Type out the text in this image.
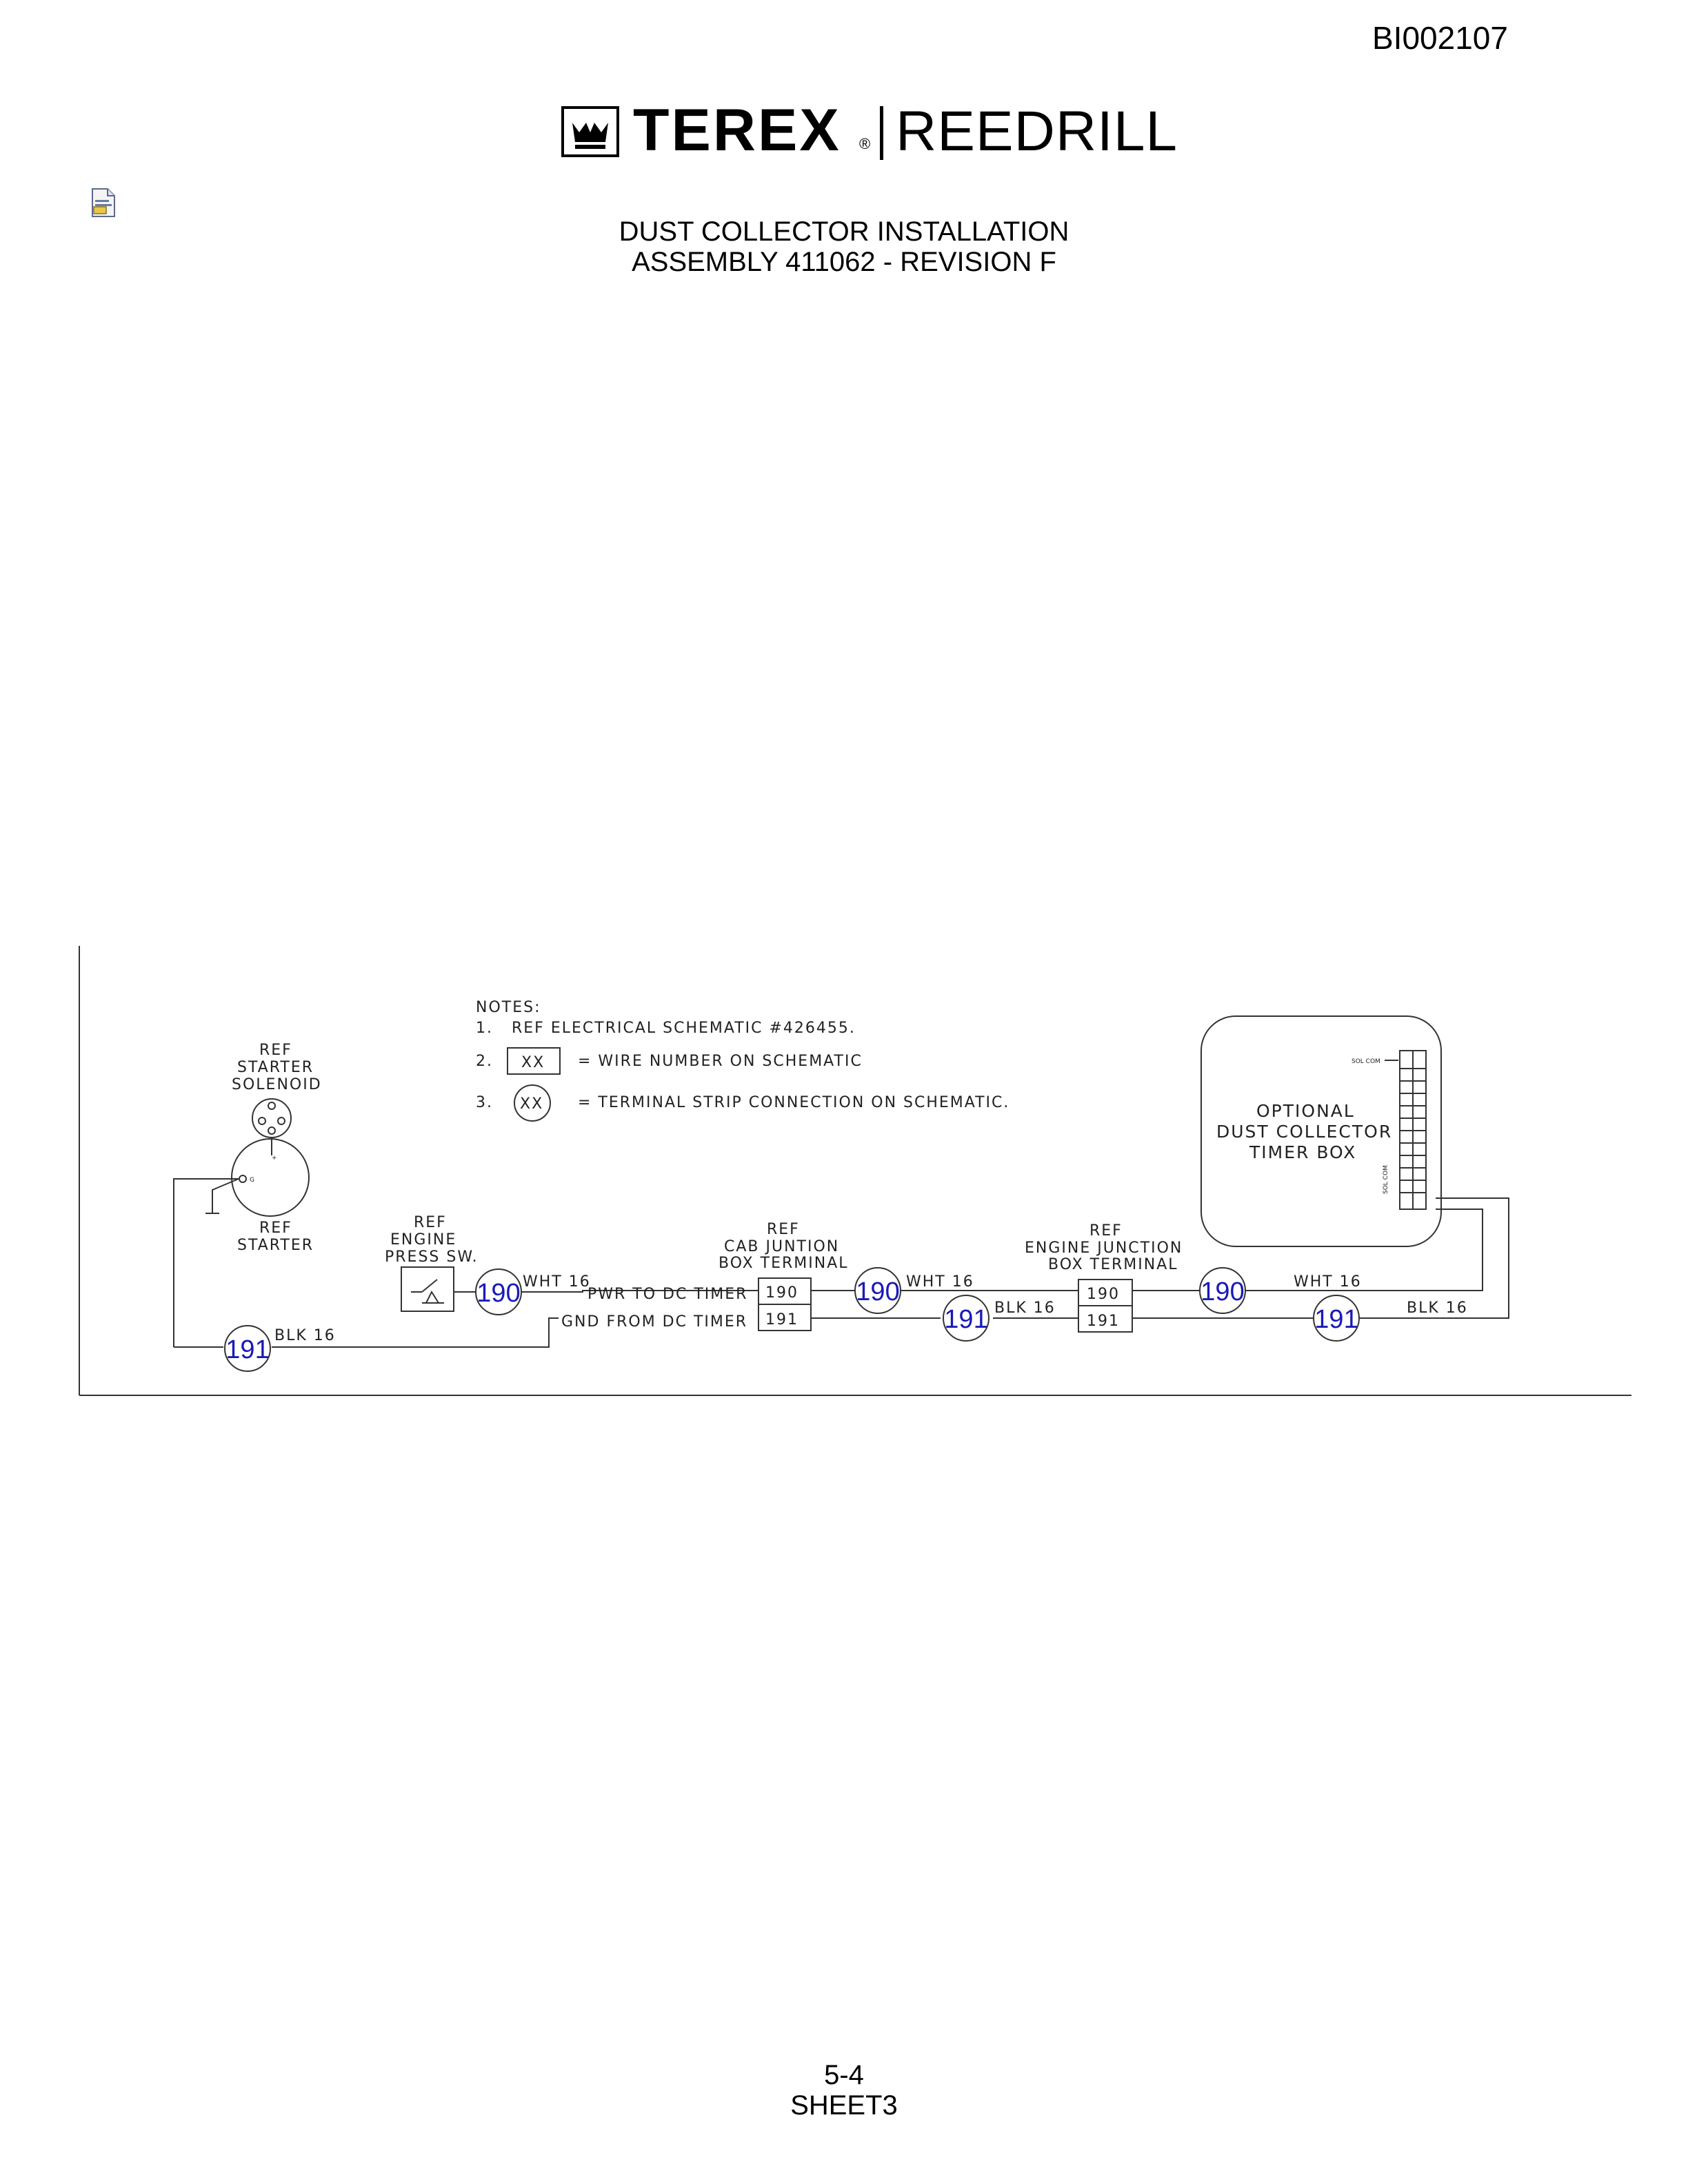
BI002107
TEREX ® REEDRILL
DUST COLLECTOR INSTALLATION
ASSEMBLY 411062 - REVISION F
NOTES:
1. REF ELECTRICAL SCHEMATIC #426455.
2. XX = WIRE NUMBER ON SCHEMATIC
3. XX = TERMINAL STRIP CONNECTION ON SCHEMATIC.
REF
STARTER
SOLENOID
G
+
REF
STARTER
REF
ENGINE
PRESS SW.
REF
CAB JUNTION
BOX TERMINAL
190
191
REF
ENGINE JUNCTION
BOX TERMINAL
190
191
OPTIONAL
DUST COLLECTOR
TIMER BOX
SOL COM
SOL COM
190	190	190
191
191	191
WHT 16
PWR TO DC TIMER
GND FROM DC TIMER
BLK 16
WHT 16
BLK 16
WHT 16
BLK 16
5-4
SHEET3
